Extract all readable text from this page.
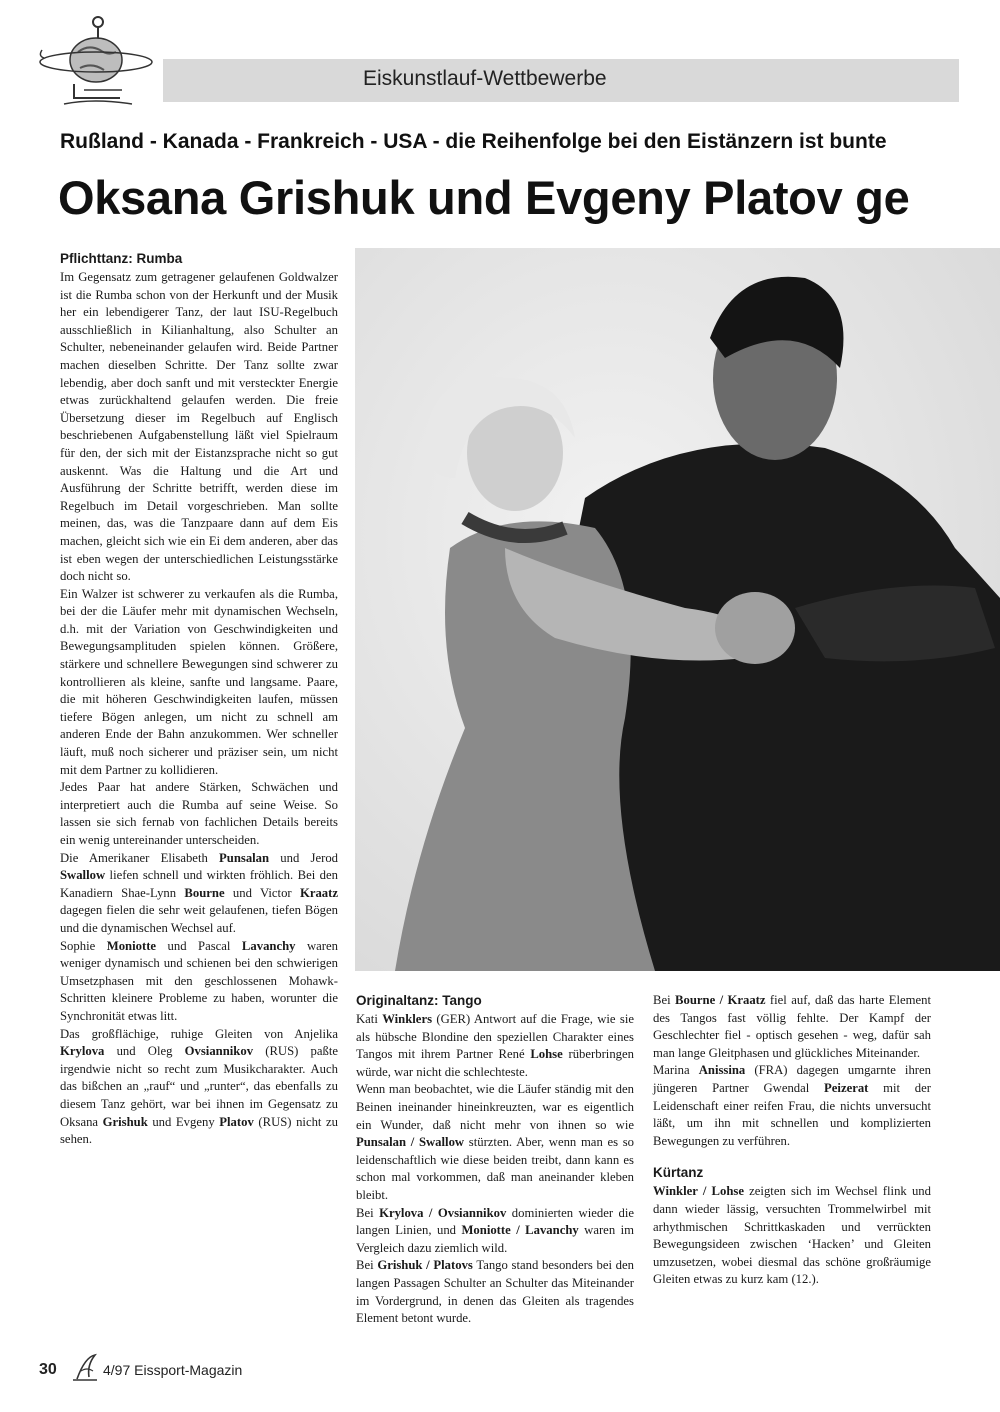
Eiskunstlauf-Wettbewerbe
Rußland - Kanada - Frankreich - USA - die Reihenfolge bei den Eistänzern ist bunte
Oksana Grishuk und Evgeny Platov ge
Pflichttanz: Rumba

Im Gegensatz zum getragener gelaufenen Goldwalzer ist die Rumba schon von der Herkunft und der Musik her ein lebendigerer Tanz, der laut ISU-Regelbuch ausschließlich in Kilianhaltung, also Schulter an Schulter, nebeneinander gelaufen wird. Beide Partner machen dieselben Schritte. Der Tanz sollte zwar lebendig, aber doch sanft und mit versteckter Energie etwas zurückhaltend gelaufen werden. Die freie Übersetzung dieser im Regelbuch auf Englisch beschriebenen Aufgabenstellung läßt viel Spielraum für den, der sich mit der Eistanzsprache nicht so gut auskennt. Was die Haltung und die Art und Ausführung der Schritte betrifft, werden diese im Regelbuch im Detail vorgeschrieben. Man sollte meinen, das, was die Tanzpaare dann auf dem Eis machen, gleicht sich wie ein Ei dem anderen, aber das ist eben wegen der unterschiedlichen Leistungsstärke doch nicht so.

Ein Walzer ist schwerer zu verkaufen als die Rumba, bei der die Läufer mehr mit dynamischen Wechseln, d.h. mit der Variation von Geschwindigkeiten und Bewegungsamplituden spielen können. Größere, stärkere und schnellere Bewegungen sind schwerer zu kontrollieren als kleine, sanfte und langsame. Paare, die mit höheren Geschwindigkeiten laufen, müssen tiefere Bögen anlegen, um nicht zu schnell am anderen Ende der Bahn anzukommen. Wer schneller läuft, muß noch sicherer und präziser sein, um nicht mit dem Partner zu kollidieren.

Jedes Paar hat andere Stärken, Schwächen und interpretiert auch die Rumba auf seine Weise. So lassen sie sich fernab von fachlichen Details bereits ein wenig untereinander unterscheiden.

Die Amerikaner Elisabeth Punsalan und Jerod Swallow liefen schnell und wirkten fröhlich. Bei den Kanadiern Shae-Lynn Bourne und Victor Kraatz dagegen fielen die sehr weit gelaufenen, tiefen Bögen und die dynamischen Wechsel auf.

Sophie Moniotte und Pascal Lavanchy waren weniger dynamisch und schienen bei den schwierigen Umsetzphasen mit den geschlossenen Mohawk-Schritten kleinere Probleme zu haben, worunter die Synchronität etwas litt.

Das großflächige, ruhige Gleiten von Anjelika Krylova und Oleg Ovsiannikov (RUS) paßte irgendwie nicht so recht zum Musikcharakter. Auch das bißchen an „rauf“ und „runter“, das ebenfalls zu diesem Tanz gehört, war bei ihnen im Gegensatz zu Oksana Grishuk und Evgeny Platov (RUS) nicht zu sehen.

Originaltanz: Tango

Kati Winklers (GER) Antwort auf die Frage, wie sie als hübsche Blondine den speziellen Charakter eines Tangos mit ihrem Partner René Lohse rüberbringen würde, war nicht die schlechteste.

Wenn man beobachtet, wie die Läufer ständig mit den Beinen ineinander hineinkreuzten, war es eigentlich ein Wunder, daß nicht mehr von ihnen so wie Punsalan / Swallow stürzten. Aber, wenn man es so leidenschaftlich wie diese beiden treibt, dann kann es schon mal vorkommen, daß man aneinander kleben bleibt.

Bei Krylova / Ovsiannikov dominierten wieder die langen Linien, und Moniotte / Lavanchy waren im Vergleich dazu ziemlich wild.

Bei Grishuk / Platovs Tango stand besonders bei den langen Passagen Schulter an Schulter das Miteinander im Vordergrund, in denen das Gleiten als tragendes Element betont wurde.

Bei Bourne / Kraatz fiel auf, daß das harte Element des Tangos fast völlig fehlte. Der Kampf der Geschlechter fiel - optisch gesehen - weg, dafür sah man lange Gleitphasen und glückliches Miteinander.

Marina Anissina (FRA) dagegen umgarnte ihren jüngeren Partner Gwendal Peizerat mit der Leidenschaft einer reifen Frau, die nichts unversucht läßt, um ihn mit schnellen und komplizierten Bewegungen zu verführen.

Kürtanz

Winkler / Lohse zeigten sich im Wechsel flink und dann wieder lässig, versuchten Trommelwirbel mit arhythmischen Schrittkaskaden und verrückten Bewegungsideen zwischen ‘Hacken’ und Gleiten umzusetzen, wobei diesmal das schöne großräumige Gleiten etwas zu kurz kam (12.).

30	4/97 Eissport-Magazin
